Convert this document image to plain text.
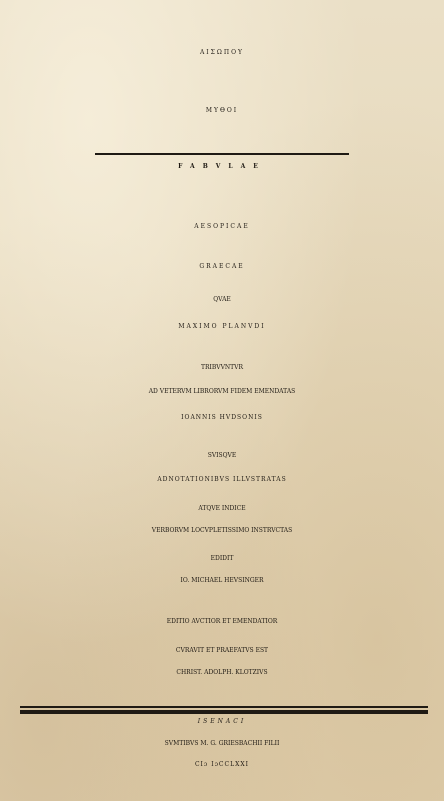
ΑΙΣΩΠΟΥ
ΜΥΘΟΙ
FABVLAE
AESOPICAE
GRAECAE
QVAE
MAXIMO PLANVDI
TRIBVVNTVR
AD VETERVM LIBRORVM FIDEM EMENDATAS
IOANNIS HVDSONIS
SVISQVE
ADNOTATIONIBVS ILLVSTRATAS
ATQVE INDICE
VERBORVM LOCVPLETISSIMO INSTRVCTAS
EDIDIT
IO. MICHAEL HEVSINGER
EDITIO AVCTIOR ET EMENDATIOR
CVRAVIT ET PRAEFATVS EST
CHRIST. ADOLPH. KLOTZIVS
ISENACI
SVMTIBVS M. G. GRIESBACHII FILII
CIɔ IɔCCLXXI
